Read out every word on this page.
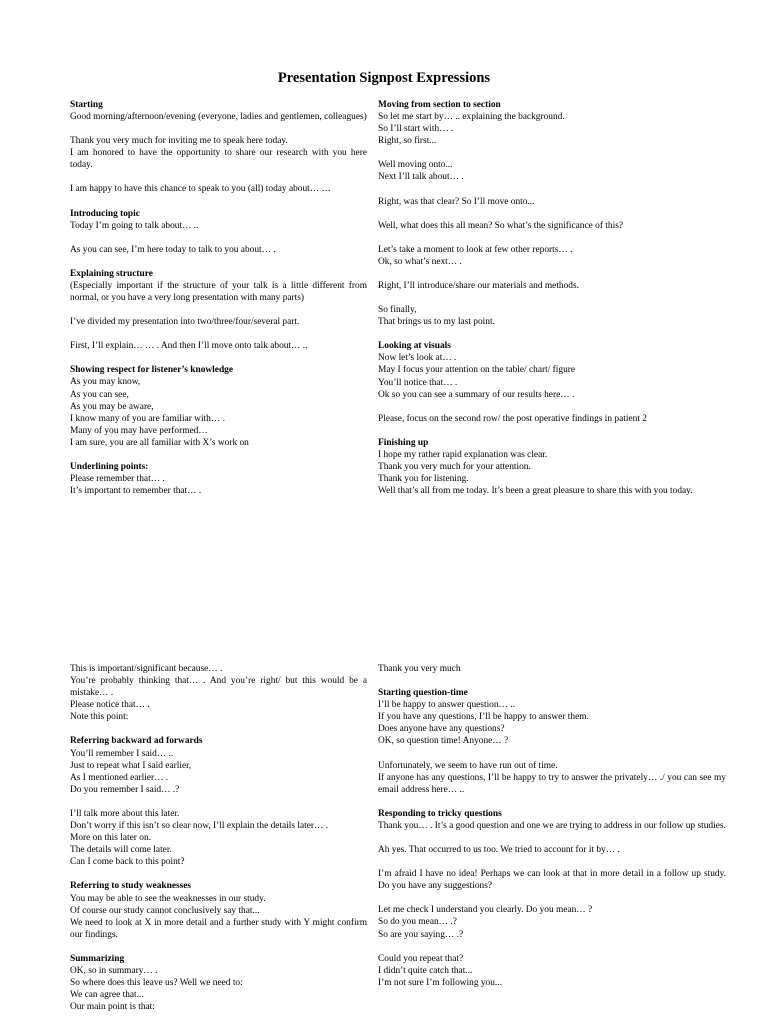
Presentation Signpost Expressions
Starting
Good morning/afternoon/evening (everyone, ladies and gentlemen, colleagues)
Thank you very much for inviting me to speak here today.
I am honored to have the opportunity to share our research with you here today.
I am happy to have this chance to speak to you (all) today about… …
Introducing topic
Today I’m going to talk about… ..
As you can see, I’m here today to talk to you about… .
Explaining structure
(Especially important if the structure of your talk is a little different from normal, or you have a very long presentation with many parts)
I’ve divided my presentation into two/three/four/several part.
First, I’ll explain… … . And then I’ll move onto talk about… ..
Showing respect for listener’s knowledge
As you may know,
As you can see,
As you may be aware,
I know many of you are familiar with… .
Many of you may have performed…
I am sure, you are all familiar with X’s work on
Underlining points:
Please remember that… .
It’s important to remember that… .
Moving from section to section
So let me start by… .. explaining the background.
So I’ll start with… .
Right, so first...
Well moving onto...
Next I’ll talk about… .
Right, was that clear? So I’ll move onto...
Well, what does this all mean? So what’s the significance of this?
Let’s take a moment to look at few other reports… .
Ok, so what’s next… .
Right, I’ll introduce/share our materials and methods.
So finally,
That brings us to my last point.
Looking at visuals
Now let’s look at… .
May I focus your attention on the table/ chart/ figure
You’ll notice that… .
Ok so you can see a summary of our results here… .
Please, focus on the second row/ the post operative findings in patient 2
Finishing up
I hope my rather rapid explanation was clear.
Thank you very much for your attention.
Thank you for listening.
Well that’s all from me today. It’s been a great pleasure to share this with you today.
This is important/significant because… .
You’re probably thinking that… . And you’re right/ but this would be a mistake… .
Please notice that… .
Note this point:
Referring backward ad forwards
You’ll remember I said… ..
Just to repeat what I said earlier,
As I mentioned earlier… .
Do you remember I said… .?
I’ll talk more about this later.
Don’t worry if this isn’t so clear now, I’ll explain the details later… .
More on this later on.
The details will come later.
Can I come back to this point?
Referring to study weaknesses
You may be able to see the weaknesses in our study.
Of course our study cannot conclusively say that...
We need to look at X in more detail and a further study with Y might confirm our findings.
Summarizing
OK, so in summary… .
So where does this leave us? Well we need to:
We can agree that...
Our main point is that:
Thank you very much
Starting question-time
I’ll be happy to answer question… ..
If you have any questions, I’ll be happy to answer them.
Does anyone have any questions?
OK, so question time! Anyone… ?
Unfortunately, we seem to have run out of time.
If anyone has any questions, I’ll be happy to try to answer the privately… ./ you can see my email address here… ..
Responding to tricky questions
Thank you… . It’s a good question and one we are trying to address in our follow up studies.
Ah yes. That occurred to us too. We tried to account for it by… .
I’m afraid I have no idea! Perhaps we can look at that in more detail in a follow up study. Do you have any suggestions?
Let me check I understand you clearly. Do you mean… ?
So do you mean… .?
So are you saying… .?
Could you repeat that?
I didn’t quite catch that...
I’m not sure I’m following you...
